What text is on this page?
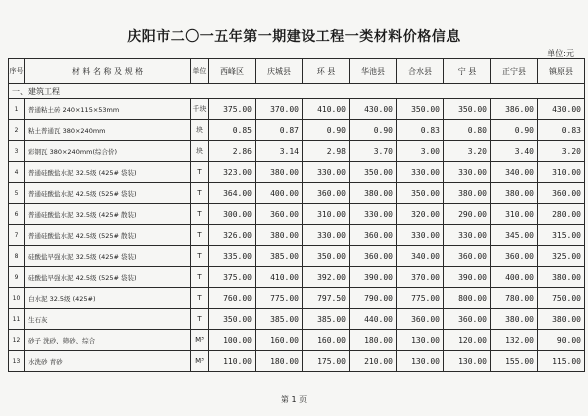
庆阳市二〇一五年第一期建设工程一类材料价格信息
单位:元
序号	材 料 名 称 及 规 格	单位	西峰区	庆城县	环 县	华池县	合水县	宁 县	正宁县	镇原县
一、建筑工程										
1	普通粘土砖 240×115×53mm	千块	375.00	370.00	410.00	430.00	350.00	350.00	386.00	430.00
2	粘土普通瓦 380×240mm	块	0.85	0.87	0.90	0.90	0.83	0.80	0.90	0.83
3	彩钢瓦 380×240mm(综合价)	块	2.86	3.14	2.98	3.70	3.00	3.20	3.40	3.20
4	普通硅酸盐水泥 32.5级 (425# 袋装)	T	323.00	380.00	330.00	350.00	330.00	330.00	340.00	310.00
5	普通硅酸盐水泥 42.5级 (525# 袋装)	T	364.00	400.00	360.00	380.00	350.00	380.00	380.00	360.00
6	普通硅酸盐水泥 32.5级 (425# 散装)	T	300.00	360.00	310.00	330.00	320.00	290.00	310.00	280.00
7	普通硅酸盐水泥 42.5级 (525# 散装)	T	326.00	380.00	330.00	360.00	330.00	330.00	345.00	315.00
8	硅酸盐早强水泥 32.5级 (425# 袋装)	T	335.00	385.00	350.00	360.00	340.00	360.00	360.00	325.00
9	硅酸盐早强水泥 42.5级 (525# 袋装)	T	375.00	410.00	392.00	390.00	370.00	390.00	400.00	380.00
10	白水泥 32.5级 (425#)	T	760.00	775.00	797.50	790.00	775.00	800.00	780.00	750.00
11	生石灰	T	350.00	385.00	385.00	440.00	360.00	360.00	380.00	380.00
12	砂子 洗砂、筛砂、综合	M³	100.00	160.00	160.00	180.00	130.00	120.00	132.00	90.00
13	水洗砂 青砂	M³	110.00	180.00	175.00	210.00	130.00	130.00	155.00	115.00
第 1 页
